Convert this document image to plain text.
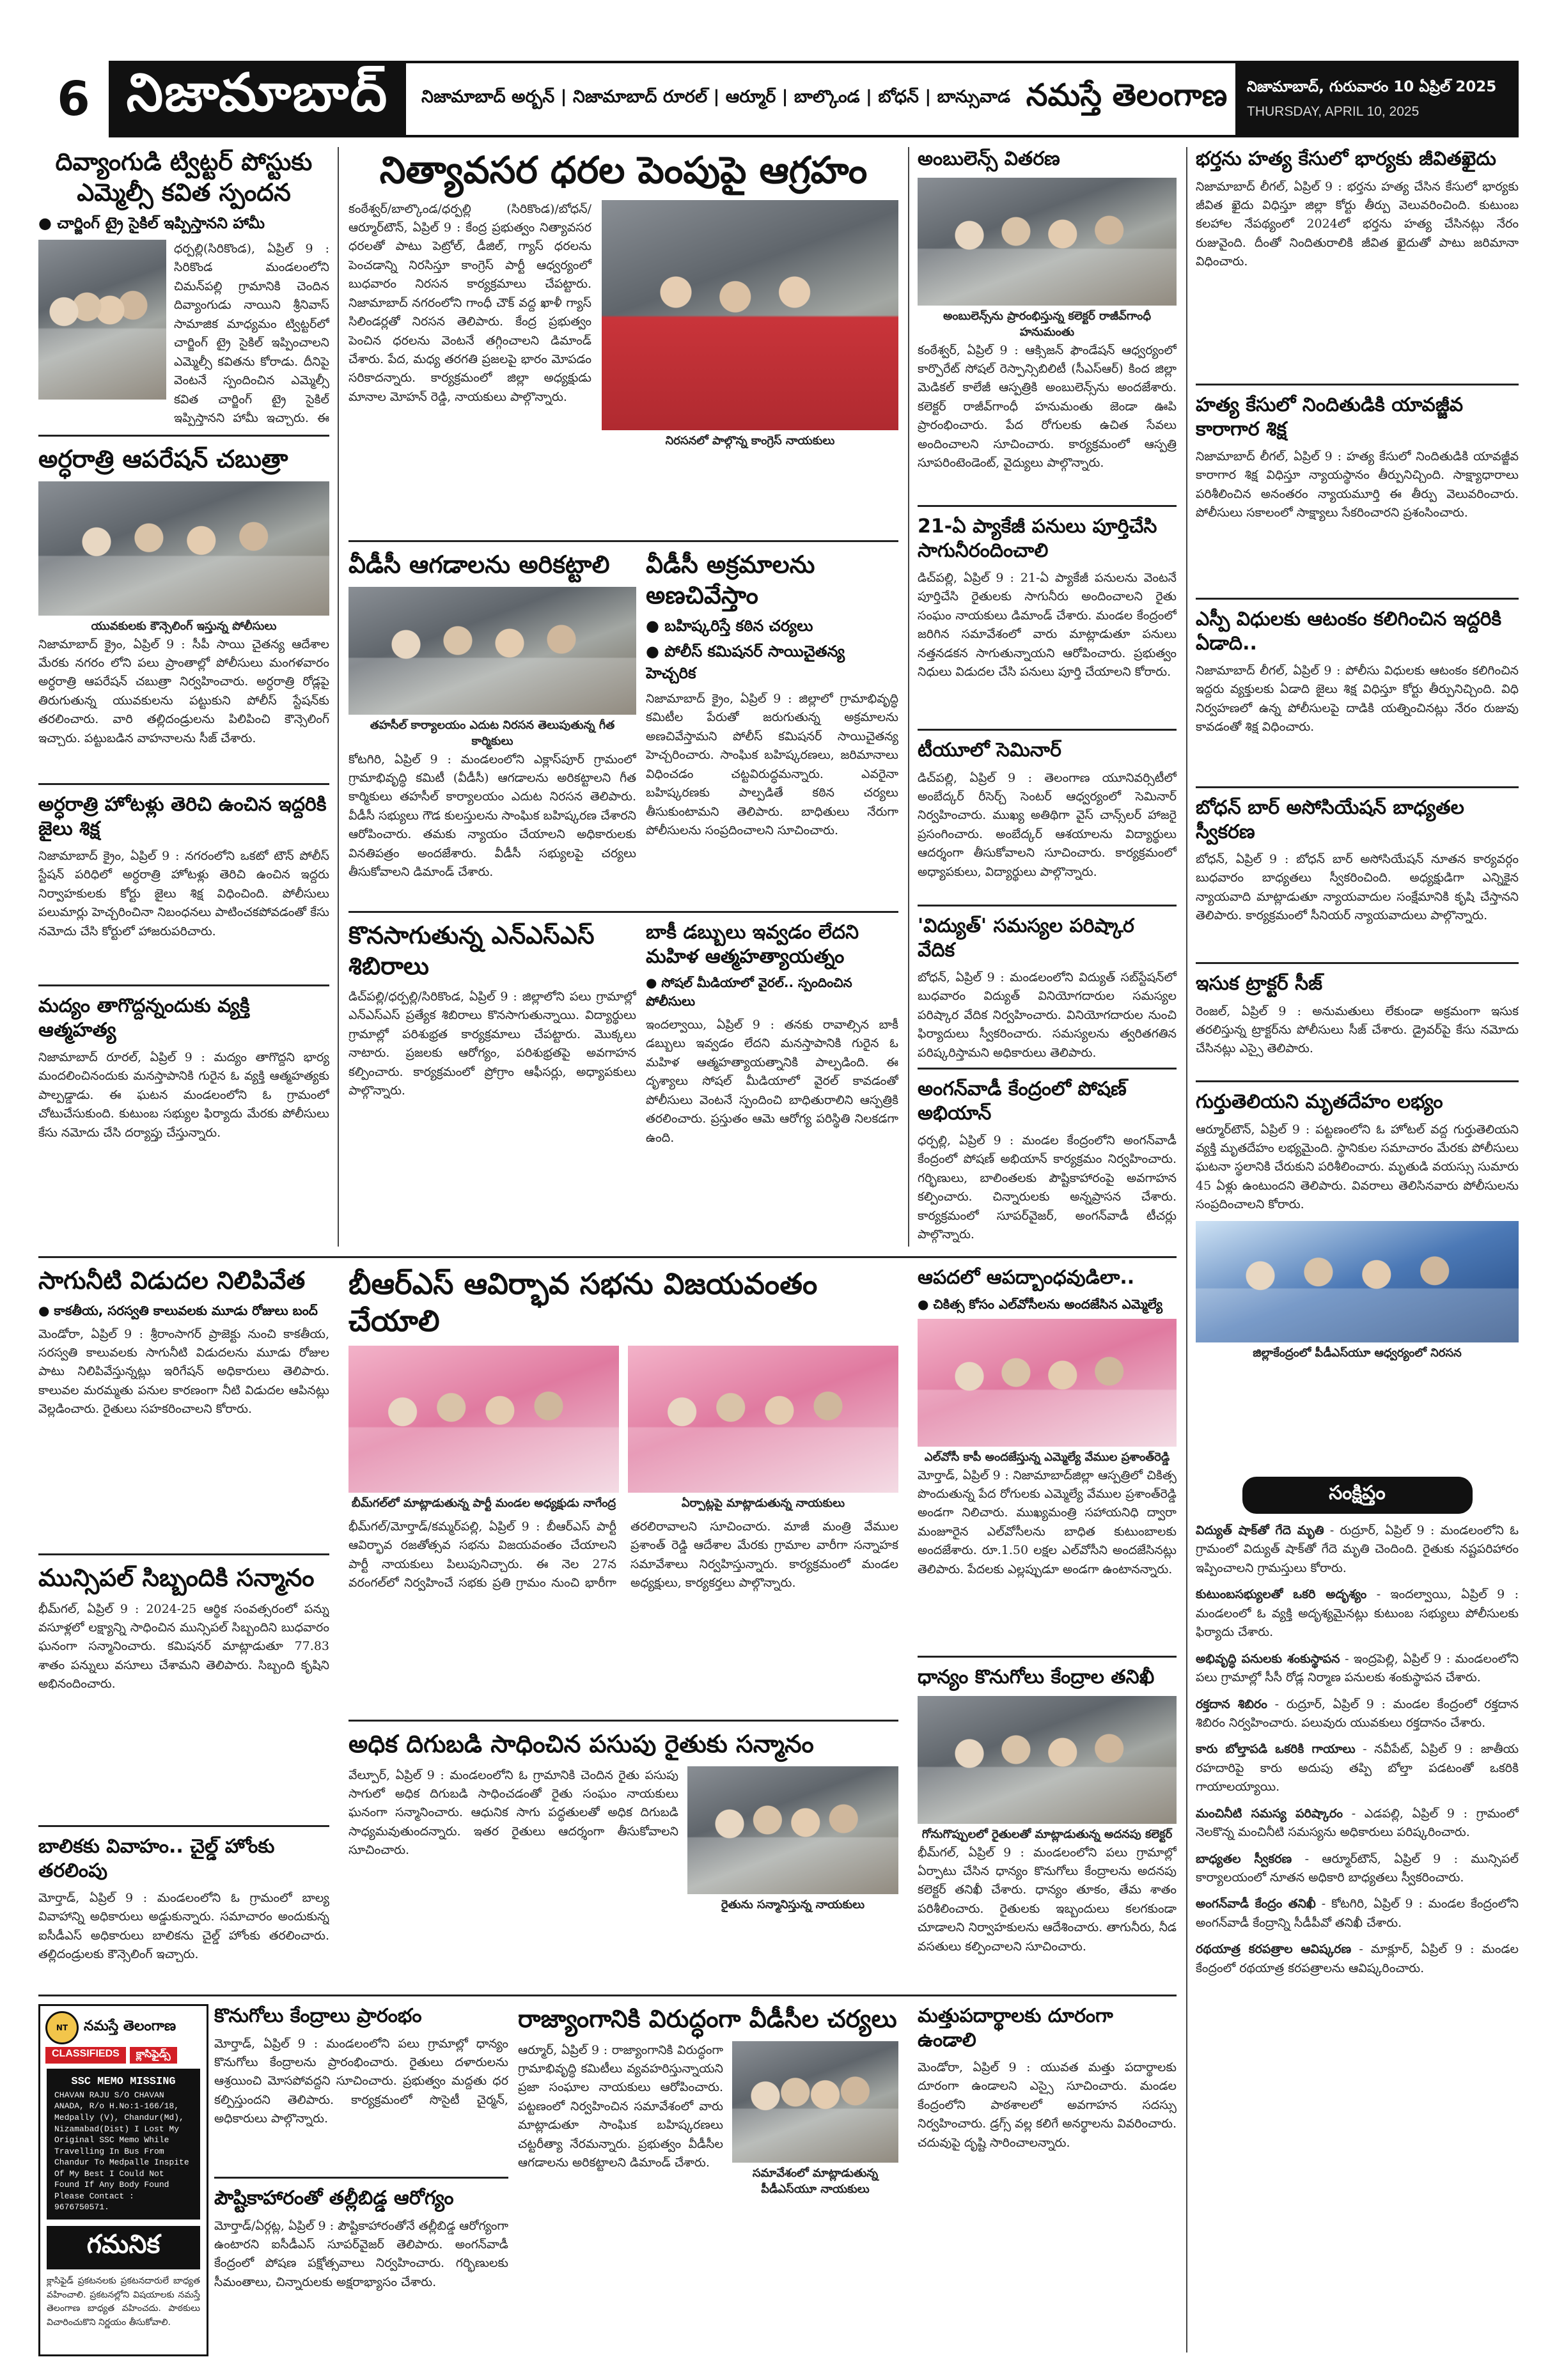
6 నిజామాబాద్	నిజామాబాద్ అర్బన్ | నిజామాబాద్ రూరల్ | ఆర్మూర్ | బాల్కొండ | బోధన్ | బాన్సువాడ నమస్తే తెలంగాణ	నిజామాబాద్, గురువారం 10 ఏప్రిల్ 2025
THURSDAY, APRIL 10, 2025
దివ్యాంగుడి ట్విట్టర్ పోస్టుకు ఎమ్మెల్సీ కవిత స్పందన
● చార్జింగ్ ట్రై సైకిల్ ఇప్పిస్తానని హామీ

ధర్పల్లి(సిరికొండ), ఏప్రిల్ 9 : సిరికొండ మండలంలోని చిమన్‌పల్లి గ్రామానికి చెందిన దివ్యాంగుడు నాయిని శ్రీనివాస్ సామాజిక మాధ్యమం ట్విట్టర్‌లో చార్జింగ్ ట్రై సైకిల్ ఇప్పించాలని ఎమ్మెల్సీ కవితను కోరాడు. దీనిపై వెంటనే స్పందించిన ఎమ్మెల్సీ కవిత చార్జింగ్ ట్రై సైకిల్ ఇప్పిస్తానని హామీ ఇచ్చారు. ఈ

అర్ధరాత్రి ఆపరేషన్ చబుత్రా
యువకులకు కౌన్సెలింగ్ ఇస్తున్న పోలీసులు

నిజామాబాద్ క్రైం, ఏప్రిల్ 9 : సీపీ సాయి చైతన్య ఆదేశాల మేరకు నగరం లోని పలు ప్రాంతాల్లో పోలీసులు మంగళవారం అర్ధరాత్రి ఆపరేషన్ చబుత్రా నిర్వహించారు. అర్ధరాత్రి రోడ్లపై తిరుగుతున్న యువకులను పట్టుకుని పోలీస్ స్టేషన్‌కు తరలించారు. వారి తల్లిదండ్రులను పిలిపించి కౌన్సెలింగ్ ఇచ్చారు. పట్టుబడిన వాహనాలను సీజ్ చేశారు.

అర్ధరాత్రి హోటళ్లు తెరిచి ఉంచిన ఇద్దరికి జైలు శిక్ష

నిజామాబాద్ క్రైం, ఏప్రిల్ 9 : నగరంలోని ఒకటో టౌన్ పోలీస్ స్టేషన్ పరిధిలో అర్ధరాత్రి హోటళ్లు తెరిచి ఉంచిన ఇద్దరు నిర్వాహకులకు కోర్టు జైలు శిక్ష విధించింది. పోలీసులు పలుమార్లు హెచ్చరించినా నిబంధనలు పాటించకపోవడంతో కేసు నమోదు చేసి కోర్టులో హాజరుపరిచారు.

మద్యం తాగొద్దన్నందుకు వ్యక్తి ఆత్మహత్య

నిజామాబాద్ రూరల్, ఏప్రిల్ 9 : మద్యం తాగొద్దని భార్య మందలించినందుకు మనస్తాపానికి గురైన ఓ వ్యక్తి ఆత్మహత్యకు పాల్పడ్డాడు. ఈ ఘటన మండలంలోని ఓ గ్రామంలో చోటుచేసుకుంది. కుటుంబ సభ్యుల ఫిర్యాదు మేరకు పోలీసులు కేసు నమోదు చేసి దర్యాప్తు చేస్తున్నారు.

నిత్యావసర ధరల పెంపుపై ఆగ్రహం

కంఠేశ్వర్/బాల్కొండ/ధర్పల్లి (సిరికొండ)/బోధన్/ఆర్మూర్‌టౌన్, ఏప్రిల్ 9 : కేంద్ర ప్రభుత్వం నిత్యావసర ధరలతో పాటు పెట్రోల్, డీజిల్, గ్యాస్ ధరలను పెంచడాన్ని నిరసిస్తూ కాంగ్రెస్ పార్టీ ఆధ్వర్యంలో బుధవారం నిరసన కార్యక్రమాలు చేపట్టారు. నిజామాబాద్ నగరంలోని గాంధీ చౌక్ వద్ద ఖాళీ గ్యాస్ సిలిండర్లతో నిరసన తెలిపారు. కేంద్ర ప్రభుత్వం పెంచిన ధరలను వెంటనే తగ్గించాలని డిమాండ్ చేశారు. పేద, మధ్య తరగతి ప్రజలపై భారం మోపడం సరికాదన్నారు. కార్యక్రమంలో జిల్లా అధ్యక్షుడు మానాల మోహన్ రెడ్డి, నాయకులు పాల్గొన్నారు.

నిరసనలో పాల్గొన్న కాంగ్రెస్ నాయకులు
వీడీసీ ఆగడాలను అరికట్టాలి
తహసీల్ కార్యాలయం ఎదుట నిరసన తెలుపుతున్న గీత కార్మికులు

కోటగిరి, ఏప్రిల్ 9 : మండలంలోని ఎక్లాస్‌పూర్ గ్రామంలో గ్రామాభివృద్ధి కమిటీ (వీడీసీ) ఆగడాలను అరికట్టాలని గీత కార్మికులు తహసీల్ కార్యాలయం ఎదుట నిరసన తెలిపారు. వీడీసీ సభ్యులు గౌడ కులస్తులను సాంఘిక బహిష్కరణ చేశారని ఆరోపించారు. తమకు న్యాయం చేయాలని అధికారులకు వినతిపత్రం అందజేశారు. వీడీసీ సభ్యులపై చర్యలు తీసుకోవాలని డిమాండ్ చేశారు.

వీడీసీ అక్రమాలను అణచివేస్తాం
● బహిష్కరిస్తే కఠిన చర్యలు
● పోలీస్ కమిషనర్ సాయిచైతన్య హెచ్చరిక

నిజామాబాద్ క్రైం, ఏప్రిల్ 9 : జిల్లాలో గ్రామాభివృద్ధి కమిటీల పేరుతో జరుగుతున్న అక్రమాలను అణచివేస్తామని పోలీస్ కమిషనర్ సాయిచైతన్య హెచ్చరించారు. సాంఘిక బహిష్కరణలు, జరిమానాలు విధించడం చట్టవిరుద్ధమన్నారు. ఎవరైనా బహిష్కరణకు పాల్పడితే కఠిన చర్యలు తీసుకుంటామని తెలిపారు. బాధితులు నేరుగా పోలీసులను సంప్రదించాలని సూచించారు.

కొనసాగుతున్న ఎన్‌ఎస్‌ఎస్ శిబిరాలు

డిచ్‌పల్లి/ధర్పల్లి/సిరికొండ, ఏప్రిల్ 9 : జిల్లాలోని పలు గ్రామాల్లో ఎన్‌ఎస్‌ఎస్ ప్రత్యేక శిబిరాలు కొనసాగుతున్నాయి. విద్యార్థులు గ్రామాల్లో పరిశుభ్రత కార్యక్రమాలు చేపట్టారు. మొక్కలు నాటారు. ప్రజలకు ఆరోగ్యం, పరిశుభ్రతపై అవగాహన కల్పించారు. కార్యక్రమంలో ప్రోగ్రాం ఆఫీసర్లు, అధ్యాపకులు పాల్గొన్నారు.

బాకీ డబ్బులు ఇవ్వడం లేదని మహిళ ఆత్మహత్యాయత్నం
● సోషల్ మీడియాలో వైరల్.. స్పందించిన పోలీసులు

ఇందల్వాయి, ఏప్రిల్ 9 : తనకు రావాల్సిన బాకీ డబ్బులు ఇవ్వడం లేదని మనస్తాపానికి గురైన ఓ మహిళ ఆత్మహత్యాయత్నానికి పాల్పడింది. ఈ దృశ్యాలు సోషల్ మీడియాలో వైరల్ కావడంతో పోలీసులు వెంటనే స్పందించి బాధితురాలిని ఆస్పత్రికి తరలించారు. ప్రస్తుతం ఆమె ఆరోగ్య పరిస్థితి నిలకడగా ఉంది.

అంబులెన్స్ వితరణ
అంబులెన్స్‌ను ప్రారంభిస్తున్న కలెక్టర్ రాజీవ్‌గాంధీ హనుమంతు

కంఠేశ్వర్, ఏప్రిల్ 9 : ఆక్సిజన్ ఫౌండేషన్ ఆధ్వర్యంలో కార్పొరేట్ సోషల్ రెస్పాన్సిబిలిటీ (సీఎస్‌ఆర్) కింద జిల్లా మెడికల్ కాలేజీ ఆస్పత్రికి అంబులెన్స్‌ను అందజేశారు. కలెక్టర్ రాజీవ్‌గాంధీ హనుమంతు జెండా ఊపి ప్రారంభించారు. పేద రోగులకు ఉచిత సేవలు అందించాలని సూచించారు. కార్యక్రమంలో ఆస్పత్రి సూపరింటెండెంట్, వైద్యులు పాల్గొన్నారు.

21-ఏ ప్యాకేజీ పనులు పూర్తిచేసి సాగునీరందించాలి

డిచ్‌పల్లి, ఏప్రిల్ 9 : 21-ఏ ప్యాకేజీ పనులను వెంటనే పూర్తిచేసి రైతులకు సాగునీరు అందించాలని రైతు సంఘం నాయకులు డిమాండ్ చేశారు. మండల కేంద్రంలో జరిగిన సమావేశంలో వారు మాట్లాడుతూ పనులు నత్తనడకన సాగుతున్నాయని ఆరోపించారు. ప్రభుత్వం నిధులు విడుదల చేసి పనులు పూర్తి చేయాలని కోరారు.

టీయూలో సెమినార్

డిచ్‌పల్లి, ఏప్రిల్ 9 : తెలంగాణ యూనివర్సిటీలో అంబేద్కర్ రీసెర్చ్ సెంటర్ ఆధ్వర్యంలో సెమినార్ నిర్వహించారు. ముఖ్య అతిథిగా వైస్ చాన్స్‌లర్ హాజరై ప్రసంగించారు. అంబేద్కర్ ఆశయాలను విద్యార్థులు ఆదర్శంగా తీసుకోవాలని సూచించారు. కార్యక్రమంలో అధ్యాపకులు, విద్యార్థులు పాల్గొన్నారు.

'విద్యుత్' సమస్యల పరిష్కార వేదిక

బోధన్, ఏప్రిల్ 9 : మండలంలోని విద్యుత్ సబ్‌స్టేషన్‌లో బుధవారం విద్యుత్ వినియోగదారుల సమస్యల పరిష్కార వేదిక నిర్వహించారు. వినియోగదారుల నుంచి ఫిర్యాదులు స్వీకరించారు. సమస్యలను త్వరితగతిన పరిష్కరిస్తామని అధికారులు తెలిపారు.

అంగన్‌వాడీ కేంద్రంలో పోషణ్ అభియాన్

ధర్పల్లి, ఏప్రిల్ 9 : మండల కేంద్రంలోని అంగన్‌వాడీ కేంద్రంలో పోషణ్ అభియాన్ కార్యక్రమం నిర్వహించారు. గర్భిణులు, బాలింతలకు పౌష్టికాహారంపై అవగాహన కల్పించారు. చిన్నారులకు అన్నప్రాసన చేశారు. కార్యక్రమంలో సూపర్‌వైజర్, అంగన్‌వాడీ టీచర్లు పాల్గొన్నారు.

భర్తను హత్య కేసులో భార్యకు జీవితఖైదు

నిజామాబాద్ లీగల్, ఏప్రిల్ 9 : భర్తను హత్య చేసిన కేసులో భార్యకు జీవిత ఖైదు విధిస్తూ జిల్లా కోర్టు తీర్పు వెలువరించింది. కుటుంబ కలహాల నేపథ్యంలో 2024లో భర్తను హత్య చేసినట్లు నేరం రుజువైంది. దీంతో నిందితురాలికి జీవిత ఖైదుతో పాటు జరిమానా విధించారు.

హత్య కేసులో నిందితుడికి యావజ్జీవ కారాగార శిక్ష

నిజామాబాద్ లీగల్, ఏప్రిల్ 9 : హత్య కేసులో నిందితుడికి యావజ్జీవ కారాగార శిక్ష విధిస్తూ న్యాయస్థానం తీర్పునిచ్చింది. సాక్ష్యాధారాలు పరిశీలించిన అనంతరం న్యాయమూర్తి ఈ తీర్పు వెలువరించారు. పోలీసులు సకాలంలో సాక్ష్యాలు సేకరించారని ప్రశంసించారు.

ఎస్పీ విధులకు ఆటంకం కలిగించిన ఇద్దరికి ఏడాది..

నిజామాబాద్ లీగల్, ఏప్రిల్ 9 : పోలీసు విధులకు ఆటంకం కలిగించిన ఇద్దరు వ్యక్తులకు ఏడాది జైలు శిక్ష విధిస్తూ కోర్టు తీర్పునిచ్చింది. విధి నిర్వహణలో ఉన్న పోలీసులపై దాడికి యత్నించినట్లు నేరం రుజువు కావడంతో శిక్ష విధించారు.

బోధన్ బార్ అసోసియేషన్ బాధ్యతల స్వీకరణ

బోధన్, ఏప్రిల్ 9 : బోధన్ బార్ అసోసియేషన్ నూతన కార్యవర్గం బుధవారం బాధ్యతలు స్వీకరించింది. అధ్యక్షుడిగా ఎన్నికైన న్యాయవాది మాట్లాడుతూ న్యాయవాదుల సంక్షేమానికి కృషి చేస్తానని తెలిపారు. కార్యక్రమంలో సీనియర్ న్యాయవాదులు పాల్గొన్నారు.

ఇసుక ట్రాక్టర్ సీజ్

రెంజల్, ఏప్రిల్ 9 : అనుమతులు లేకుండా అక్రమంగా ఇసుక తరలిస్తున్న ట్రాక్టర్‌ను పోలీసులు సీజ్ చేశారు. డ్రైవర్‌పై కేసు నమోదు చేసినట్లు ఎస్సై తెలిపారు.

గుర్తుతెలియని మృతదేహం లభ్యం

ఆర్మూర్‌టౌన్, ఏప్రిల్ 9 : పట్టణంలోని ఓ హోటల్ వద్ద గుర్తుతెలియని వ్యక్తి మృతదేహం లభ్యమైంది. స్థానికుల సమాచారం మేరకు పోలీసులు ఘటనా స్థలానికి చేరుకుని పరిశీలించారు. మృతుడి వయస్సు సుమారు 45 ఏళ్లు ఉంటుందని తెలిపారు. వివరాలు తెలిసినవారు పోలీసులను సంప్రదించాలని కోరారు.

జిల్లాకేంద్రంలో పీడీఎస్‌యూ ఆధ్వర్యంలో నిరసన
సంక్షిప్తం
విద్యుత్ షాక్‌తో గేదె మృతి - రుద్రూర్, ఏప్రిల్ 9 : మండలంలోని ఓ గ్రామంలో విద్యుత్ షాక్‌తో గేదె మృతి చెందింది. రైతుకు నష్టపరిహారం ఇప్పించాలని గ్రామస్తులు కోరారు.
కుటుంబసభ్యులతో ఒకరి అదృశ్యం - ఇందల్వాయి, ఏప్రిల్ 9 : మండలంలో ఓ వ్యక్తి అదృశ్యమైనట్లు కుటుంబ సభ్యులు పోలీసులకు ఫిర్యాదు చేశారు.
అభివృద్ధి పనులకు శంకుస్థాపన - ఇంద్రపెల్లి, ఏప్రిల్ 9 : మండలంలోని పలు గ్రామాల్లో సీసీ రోడ్ల నిర్మాణ పనులకు శంకుస్థాపన చేశారు.
రక్తదాన శిబిరం - రుద్రూర్, ఏప్రిల్ 9 : మండల కేంద్రంలో రక్తదాన శిబిరం నిర్వహించారు. పలువురు యువకులు రక్తదానం చేశారు.
కారు బోల్తాపడి ఒకరికి గాయాలు - నవీపేట్, ఏప్రిల్ 9 : జాతీయ రహదారిపై కారు అదుపు తప్పి బోల్తా పడటంతో ఒకరికి గాయాలయ్యాయి.
మంచినీటి సమస్య పరిష్కారం - ఎడపల్లి, ఏప్రిల్ 9 : గ్రామంలో నెలకొన్న మంచినీటి సమస్యను అధికారులు పరిష్కరించారు.
బాధ్యతల స్వీకరణ - ఆర్మూర్‌టౌన్, ఏప్రిల్ 9 : మున్సిపల్ కార్యాలయంలో నూతన అధికారి బాధ్యతలు స్వీకరించారు.
అంగన్‌వాడీ కేంద్రం తనిఖీ - కోటగిరి, ఏప్రిల్ 9 : మండల కేంద్రంలోని అంగన్‌వాడీ కేంద్రాన్ని సీడీపీవో తనిఖీ చేశారు.
రథయాత్ర కరపత్రాల ఆవిష్కరణ - మాక్లూర్, ఏప్రిల్ 9 : మండల కేంద్రంలో రథయాత్ర కరపత్రాలను ఆవిష్కరించారు.
సాగునీటి విడుదల నిలిపివేత
● కాకతీయ, సరస్వతి కాలువలకు మూడు రోజులు బంద్

మెండోరా, ఏప్రిల్ 9 : శ్రీరాంసాగర్ ప్రాజెక్టు నుంచి కాకతీయ, సరస్వతి కాలువలకు సాగునీటి విడుదలను మూడు రోజుల పాటు నిలిపివేస్తున్నట్లు ఇరిగేషన్ అధికారులు తెలిపారు. కాలువల మరమ్మతు పనుల కారణంగా నీటి విడుదల ఆపినట్లు వెల్లడించారు. రైతులు సహకరించాలని కోరారు.

మున్సిపల్ సిబ్బందికి సన్మానం

భీమ్‌గల్, ఏప్రిల్ 9 : 2024-25 ఆర్థిక సంవత్సరంలో పన్ను వసూళ్లలో లక్ష్యాన్ని సాధించిన మున్సిపల్ సిబ్బందిని బుధవారం ఘనంగా సన్మానించారు. కమిషనర్ మాట్లాడుతూ 77.83 శాతం పన్నులు వసూలు చేశామని తెలిపారు. సిబ్బంది కృషిని అభినందించారు.

బాలికకు వివాహం.. చైల్డ్ హోంకు తరలింపు

మోర్తాడ్, ఏప్రిల్ 9 : మండలంలోని ఓ గ్రామంలో బాల్య వివాహాన్ని అధికారులు అడ్డుకున్నారు. సమాచారం అందుకున్న ఐసీడీఎస్ అధికారులు బాలికను చైల్డ్ హోంకు తరలించారు. తల్లిదండ్రులకు కౌన్సెలింగ్ ఇచ్చారు.

బీఆర్‌ఎస్ ఆవిర్భావ సభను విజయవంతం చేయాలి
బీమ్‌గల్‌లో మాట్లాడుతున్న పార్టీ మండల అధ్యక్షుడు నాగేంద్ర	ఏర్పాట్లపై మాట్లాడుతున్న నాయకులు

భీమ్‌గల్/మోర్తాడ్/కమ్మర్‌పల్లి, ఏప్రిల్ 9 : బీఆర్‌ఎస్ పార్టీ ఆవిర్భావ రజతోత్సవ సభను విజయవంతం చేయాలని పార్టీ నాయకులు పిలుపునిచ్చారు. ఈ నెల 27న వరంగల్‌లో నిర్వహించే సభకు ప్రతి గ్రామం నుంచి భారీగా తరలిరావాలని సూచించారు. మాజీ మంత్రి వేముల ప్రశాంత్ రెడ్డి ఆదేశాల మేరకు గ్రామాల వారీగా సన్నాహక సమావేశాలు నిర్వహిస్తున్నారు. కార్యక్రమంలో మండల అధ్యక్షులు, కార్యకర్తలు పాల్గొన్నారు.

అధిక దిగుబడి సాధించిన పసుపు రైతుకు సన్మానం

వేల్పూర్, ఏప్రిల్ 9 : మండలంలోని ఓ గ్రామానికి చెందిన రైతు పసుపు సాగులో అధిక దిగుబడి సాధించడంతో రైతు సంఘం నాయకులు ఘనంగా సన్మానించారు. ఆధునిక సాగు పద్ధతులతో అధిక దిగుబడి సాధ్యమవుతుందన్నారు. ఇతర రైతులు ఆదర్శంగా తీసుకోవాలని సూచించారు.

రైతును సన్మానిస్తున్న నాయకులు
ఆపదలో ఆపద్బాంధవుడిలా..
● చికిత్స కోసం ఎల్‌వోసీలను అందజేసిన ఎమ్మెల్యే
ఎల్‌వోసీ కాపీ అందజేస్తున్న ఎమ్మెల్యే వేముల ప్రశాంత్‌రెడ్డి

మోర్తాడ్, ఏప్రిల్ 9 : నిజామాబాద్‌జిల్లా ఆస్పత్రిలో చికిత్స పొందుతున్న పేద రోగులకు ఎమ్మెల్యే వేముల ప్రశాంత్‌రెడ్డి అండగా నిలిచారు. ముఖ్యమంత్రి సహాయనిధి ద్వారా మంజూరైన ఎల్‌వోసీలను బాధిత కుటుంబాలకు అందజేశారు. రూ.1.50 లక్షల ఎల్‌వోసీని అందజేసినట్లు తెలిపారు. పేదలకు ఎల్లప్పుడూ అండగా ఉంటానన్నారు.

ధాన్యం కొనుగోలు కేంద్రాల తనిఖీ
గోనుగొప్పులలో రైతులతో మాట్లాడుతున్న అదనపు కలెక్టర్

భీమ్‌గల్, ఏప్రిల్ 9 : మండలంలోని పలు గ్రామాల్లో ఏర్పాటు చేసిన ధాన్యం కొనుగోలు కేంద్రాలను అదనపు కలెక్టర్ తనిఖీ చేశారు. ధాన్యం తూకం, తేమ శాతం పరిశీలించారు. రైతులకు ఇబ్బందులు కలగకుండా చూడాలని నిర్వాహకులను ఆదేశించారు. తాగునీరు, నీడ వసతులు కల్పించాలని సూచించారు.

NT	నమస్తే తెలంగాణ
CLASSIFIEDS	క్లాసిఫైడ్స్
SSC MEMO MISSING
CHAVAN RAJU S/O CHAVAN ANADA, R/o H.No:1-166/18, Medpally (V), Chandur(Md), Nizamabad(Dist) I Lost My Original SSC Memo While Travelling In Bus From Chandur To Medpalle Inspite Of My Best I Could Not Found If Any Body Found Please Contact : 9676750571.
గమనిక

క్లాసిఫైడ్ ప్రకటనలకు ప్రకటనదారులే బాధ్యత వహించాలి. ప్రకటనల్లోని విషయాలకు నమస్తే తెలంగాణ బాధ్యత వహించదు. పాఠకులు విచారించుకొని నిర్ణయం తీసుకోవాలి.

కొనుగోలు కేంద్రాలు ప్రారంభం

మోర్తాడ్, ఏప్రిల్ 9 : మండలంలోని పలు గ్రామాల్లో ధాన్యం కొనుగోలు కేంద్రాలను ప్రారంభించారు. రైతులు దళారులను ఆశ్రయించి మోసపోవద్దని సూచించారు. ప్రభుత్వం మద్దతు ధర కల్పిస్తుందని తెలిపారు. కార్యక్రమంలో సొసైటీ చైర్మన్, అధికారులు పాల్గొన్నారు.

పౌష్టికాహారంతో తల్లీబిడ్డ ఆరోగ్యం

మోర్తాడ్/ఏర్గట్ల, ఏప్రిల్ 9 : పౌష్టికాహారంతోనే తల్లీబిడ్డ ఆరోగ్యంగా ఉంటారని ఐసీడీఎస్ సూపర్‌వైజర్ తెలిపారు. అంగన్‌వాడీ కేంద్రంలో పోషణ పక్షోత్సవాలు నిర్వహించారు. గర్భిణులకు సీమంతాలు, చిన్నారులకు అక్షరాభ్యాసం చేశారు.

రాజ్యాంగానికి విరుద్ధంగా వీడీసీల చర్యలు

ఆర్మూర్, ఏప్రిల్ 9 : రాజ్యాంగానికి విరుద్ధంగా గ్రామాభివృద్ధి కమిటీలు వ్యవహరిస్తున్నాయని ప్రజా సంఘాల నాయకులు ఆరోపించారు. పట్టణంలో నిర్వహించిన సమావేశంలో వారు మాట్లాడుతూ సాంఘిక బహిష్కరణలు చట్టరీత్యా నేరమన్నారు. ప్రభుత్వం వీడీసీల ఆగడాలను అరికట్టాలని డిమాండ్ చేశారు.

సమావేశంలో మాట్లాడుతున్న పీడీఎస్‌యూ నాయకులు
మత్తుపదార్థాలకు దూరంగా ఉండాలి

మెండోరా, ఏప్రిల్ 9 : యువత మత్తు పదార్థాలకు దూరంగా ఉండాలని ఎస్సై సూచించారు. మండల కేంద్రంలోని పాఠశాలలో అవగాహన సదస్సు నిర్వహించారు. డ్రగ్స్ వల్ల కలిగే అనర్థాలను వివరించారు. చదువుపై దృష్టి సారించాలన్నారు.
